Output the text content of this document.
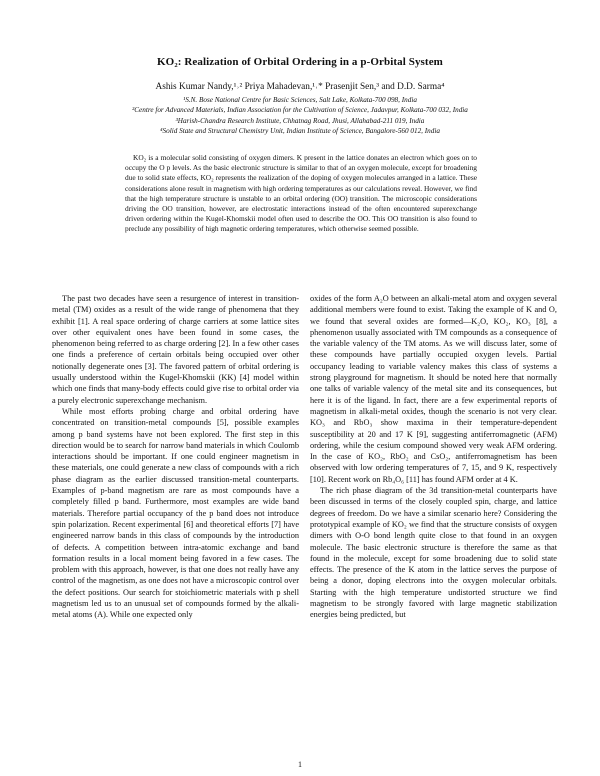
KO₂: Realization of Orbital Ordering in a p-Orbital System
Ashis Kumar Nandy,¹˒² Priya Mahadevan,¹˒* Prasenjit Sen,³ and D.D. Sarma⁴
¹S.N. Bose National Centre for Basic Sciences, Salt Lake, Kolkata-700 098, India
²Centre for Advanced Materials, Indian Association for the Cultivation of Science, Jadavpur, Kolkata-700 032, India
³Harish-Chandra Research Institute, Chhatnag Road, Jhusi, Allahabad-211 019, India
⁴Solid State and Structural Chemistry Unit, Indian Institute of Science, Bangalore-560 012, India
KO₂ is a molecular solid consisting of oxygen dimers. K present in the lattice donates an electron which goes on to occupy the O p levels. As the basic electronic structure is similar to that of an oxygen molecule, except for broadening due to solid state effects, KO₂ represents the realization of the doping of oxygen molecules arranged in a lattice. These considerations alone result in magnetism with high ordering temperatures as our calculations reveal. However, we find that the high temperature structure is unstable to an orbital ordering (OO) transition. The microscopic considerations driving the OO transition, however, are electrostatic interactions instead of the often encountered superexchange driven ordering within the Kugel-Khomskii model often used to describe the OO. This OO transition is also found to preclude any possibility of high magnetic ordering temperatures, which otherwise seemed possible.

The past two decades have seen a resurgence of interest in transition-metal (TM) oxides as a result of the wide range of phenomena that they exhibit [1]. A real space ordering of charge carriers at some lattice sites over other equivalent ones have been found in some cases, the phenomenon being referred to as charge ordering [2]. In a few other cases one finds a preference of certain orbitals being occupied over other notionally degenerate ones [3]. The favored pattern of orbital ordering is usually understood within the Kugel-Khomskii (KK) [4] model within which one finds that many-body effects could give rise to orbital order via a purely electronic superexchange mechanism.

While most efforts probing charge and orbital ordering have concentrated on transition-metal compounds [5], possible examples among p band systems have not been explored. The first step in this direction would be to search for narrow band materials in which Coulomb interactions should be important. If one could engineer magnetism in these materials, one could generate a new class of compounds with a rich phase diagram as the earlier discussed transition-metal counterparts. Examples of p-band magnetism are rare as most compounds have a completely filled p band. Furthermore, most examples are wide band materials. Therefore partial occupancy of the p band does not introduce spin polarization. Recent experimental [6] and theoretical efforts [7] have engineered narrow bands in this class of compounds by the introduction of defects. A competition between intra-atomic exchange and band formation results in a local moment being favored in a few cases. The problem with this approach, however, is that one does not really have any control of the magnetism, as one does not have a microscopic control over the defect positions. Our search for stoichiometric materials with p shell magnetism led us to an unusual set of compounds formed by the alkali-metal atoms (A). While one expected only

oxides of the form A₂O between an alkali-metal atom and oxygen several additional members were found to exist. Taking the example of K and O, we found that several oxides are formed—K₂O, KO₂, KO₃ [8], a phenomenon usually associated with TM compounds as a consequence of the variable valency of the TM atoms. As we will discuss later, some of these compounds have partially occupied oxygen levels. Partial occupancy leading to variable valency makes this class of systems a strong playground for magnetism. It should be noted here that normally one talks of variable valency of the metal site and its consequences, but here it is of the ligand. In fact, there are a few experimental reports of magnetism in alkali-metal oxides, though the scenario is not very clear. KO₃ and RbO₃ show maxima in their temperature-dependent susceptibility at 20 and 17 K [9], suggesting antiferromagnetic (AFM) ordering, while the cesium compound showed very weak AFM ordering. In the case of KO₂, RbO₂ and CsO₂, antiferromagnetism has been observed with low ordering temperatures of 7, 15, and 9 K, respectively [10]. Recent work on Rb₄O₆ [11] has found AFM order at 4 K.

The rich phase diagram of the 3d transition-metal counterparts have been discussed in terms of the closely coupled spin, charge, and lattice degrees of freedom. Do we have a similar scenario here? Considering the prototypical example of KO₂ we find that the structure consists of oxygen dimers with O-O bond length quite close to that found in an oxygen molecule. The basic electronic structure is therefore the same as that found in the molecule, except for some broadening due to solid state effects. The presence of the K atom in the lattice serves the purpose of being a donor, doping electrons into the oxygen molecular orbitals. Starting with the high temperature undistorted structure we find magnetism to be strongly favored with large magnetic stabilization energies being predicted, but

1
